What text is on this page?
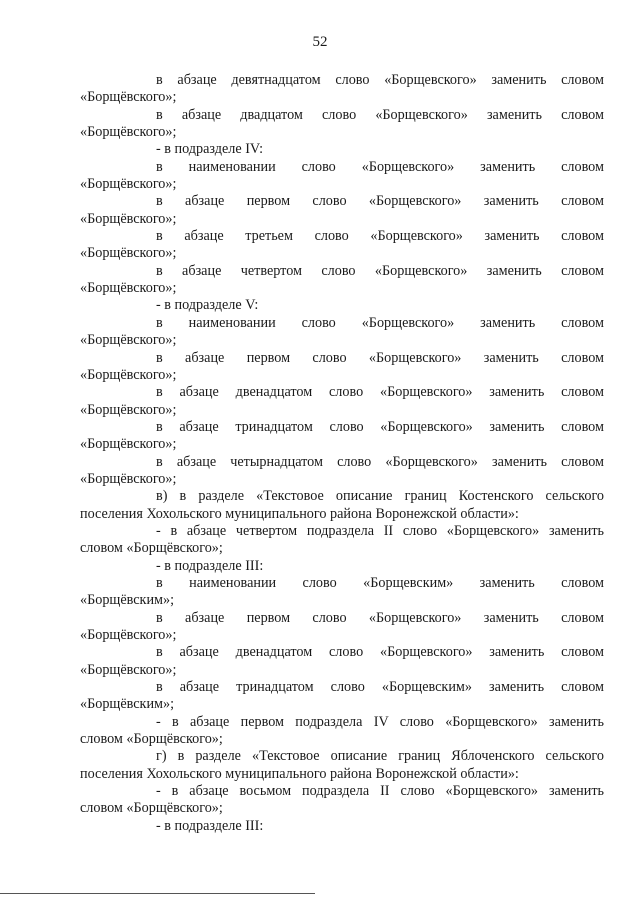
52

в абзаце девятнадцатом слово «Борщевского» заменить словом
«Борщёвского»;

в абзаце двадцатом слово «Борщевского» заменить словом
«Борщёвского»;

- в подразделе IV:

в наименовании слово «Борщевского» заменить словом
«Борщёвского»;

в абзаце первом слово «Борщевского» заменить словом
«Борщёвского»;

в абзаце третьем слово «Борщевского» заменить словом
«Борщёвского»;

в абзаце четвертом слово «Борщевского» заменить словом
«Борщёвского»;

- в подразделе V:

в наименовании слово «Борщевского» заменить словом
«Борщёвского»;

в абзаце первом слово «Борщевского» заменить словом
«Борщёвского»;

в абзаце двенадцатом слово «Борщевского» заменить словом
«Борщёвского»;

в абзаце тринадцатом слово «Борщевского» заменить словом
«Борщёвского»;

в абзаце четырнадцатом слово «Борщевского» заменить словом
«Борщёвского»;

в) в разделе «Текстовое описание границ Костенского сельского
поселения Хохольского муниципального района Воронежской области»:

- в абзаце четвертом подраздела II слово «Борщевского» заменить
словом «Борщёвского»;

- в подразделе III:

в наименовании слово «Борщевским» заменить словом
«Борщёвским»;

в абзаце первом слово «Борщевского» заменить словом
«Борщёвского»;

в абзаце двенадцатом слово «Борщевского» заменить словом
«Борщёвского»;

в абзаце тринадцатом слово «Борщевским» заменить словом
«Борщёвским»;

- в абзаце первом подраздела IV слово «Борщевского» заменить
словом «Борщёвского»;

г) в разделе «Текстовое описание границ Яблоченского сельского
поселения Хохольского муниципального района Воронежской области»:

- в абзаце восьмом подраздела II слово «Борщевского» заменить
словом «Борщёвского»;

- в подразделе III:
